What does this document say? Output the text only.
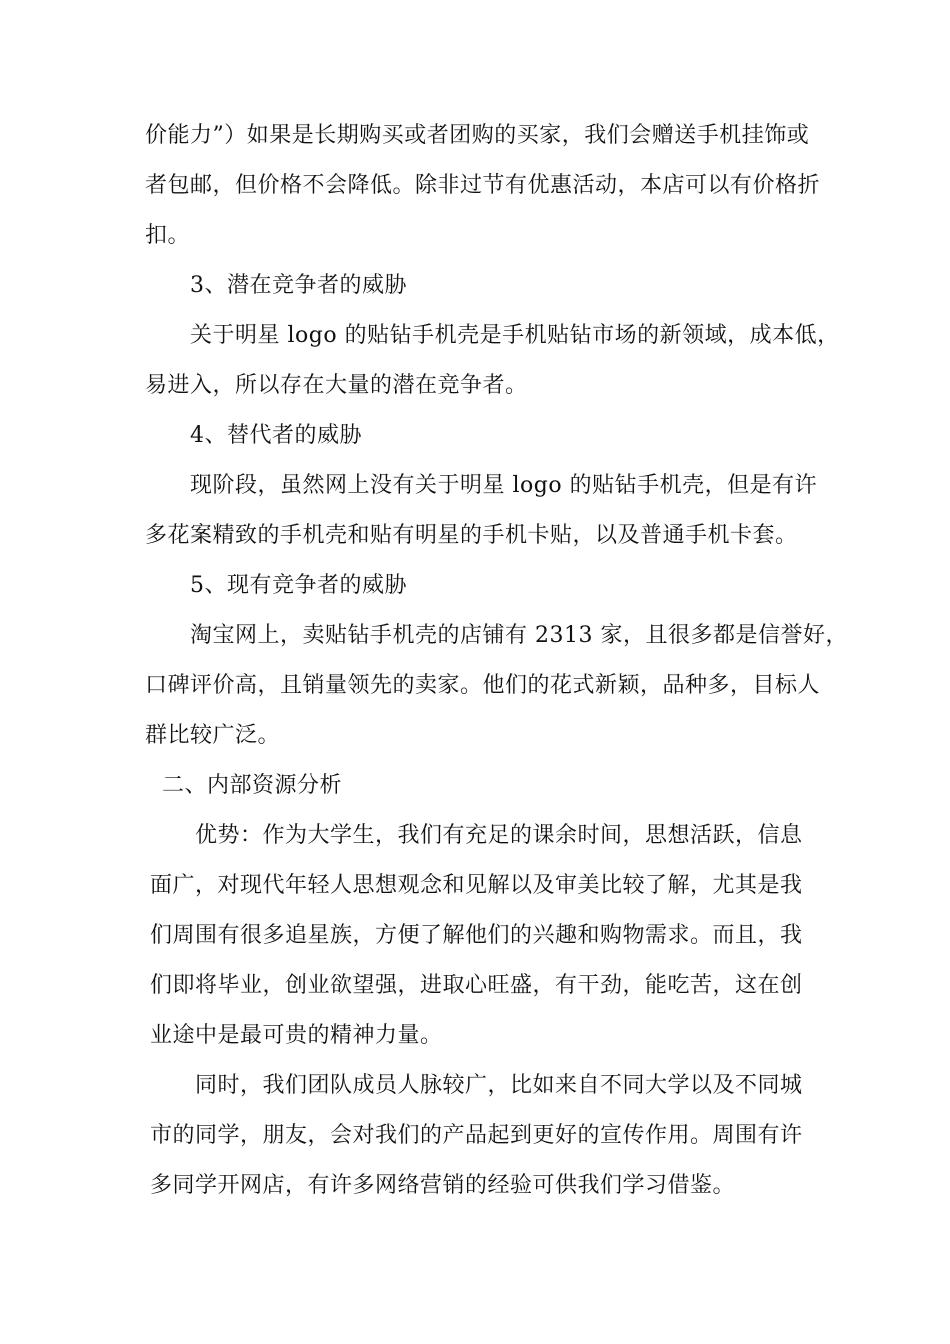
价能力”）如果是长期购买或者团购的买家，我们会赠送手机挂饰或
者包邮，但价格不会降低。除非过节有优惠活动，本店可以有价格折
扣。
3、潜在竞争者的威胁
关于明星 logo 的贴钻手机壳是手机贴钻市场的新领域，成本低，
易进入，所以存在大量的潜在竞争者。
4、替代者的威胁
现阶段，虽然网上没有关于明星 logo 的贴钻手机壳，但是有许
多花案精致的手机壳和贴有明星的手机卡贴，以及普通手机卡套。
5、现有竞争者的威胁
淘宝网上，卖贴钻手机壳的店铺有 2313 家，且很多都是信誉好，
口碑评价高，且销量领先的卖家。他们的花式新颖，品种多，目标人
群比较广泛。
二、内部资源分析
优势：作为大学生，我们有充足的课余时间，思想活跃，信息
面广，对现代年轻人思想观念和见解以及审美比较了解，尤其是我
们周围有很多追星族，方便了解他们的兴趣和购物需求。而且，我
们即将毕业，创业欲望强，进取心旺盛，有干劲，能吃苦，这在创
业途中是最可贵的精神力量。
同时，我们团队成员人脉较广，比如来自不同大学以及不同城
市的同学，朋友，会对我们的产品起到更好的宣传作用。周围有许
多同学开网店，有许多网络营销的经验可供我们学习借鉴。
